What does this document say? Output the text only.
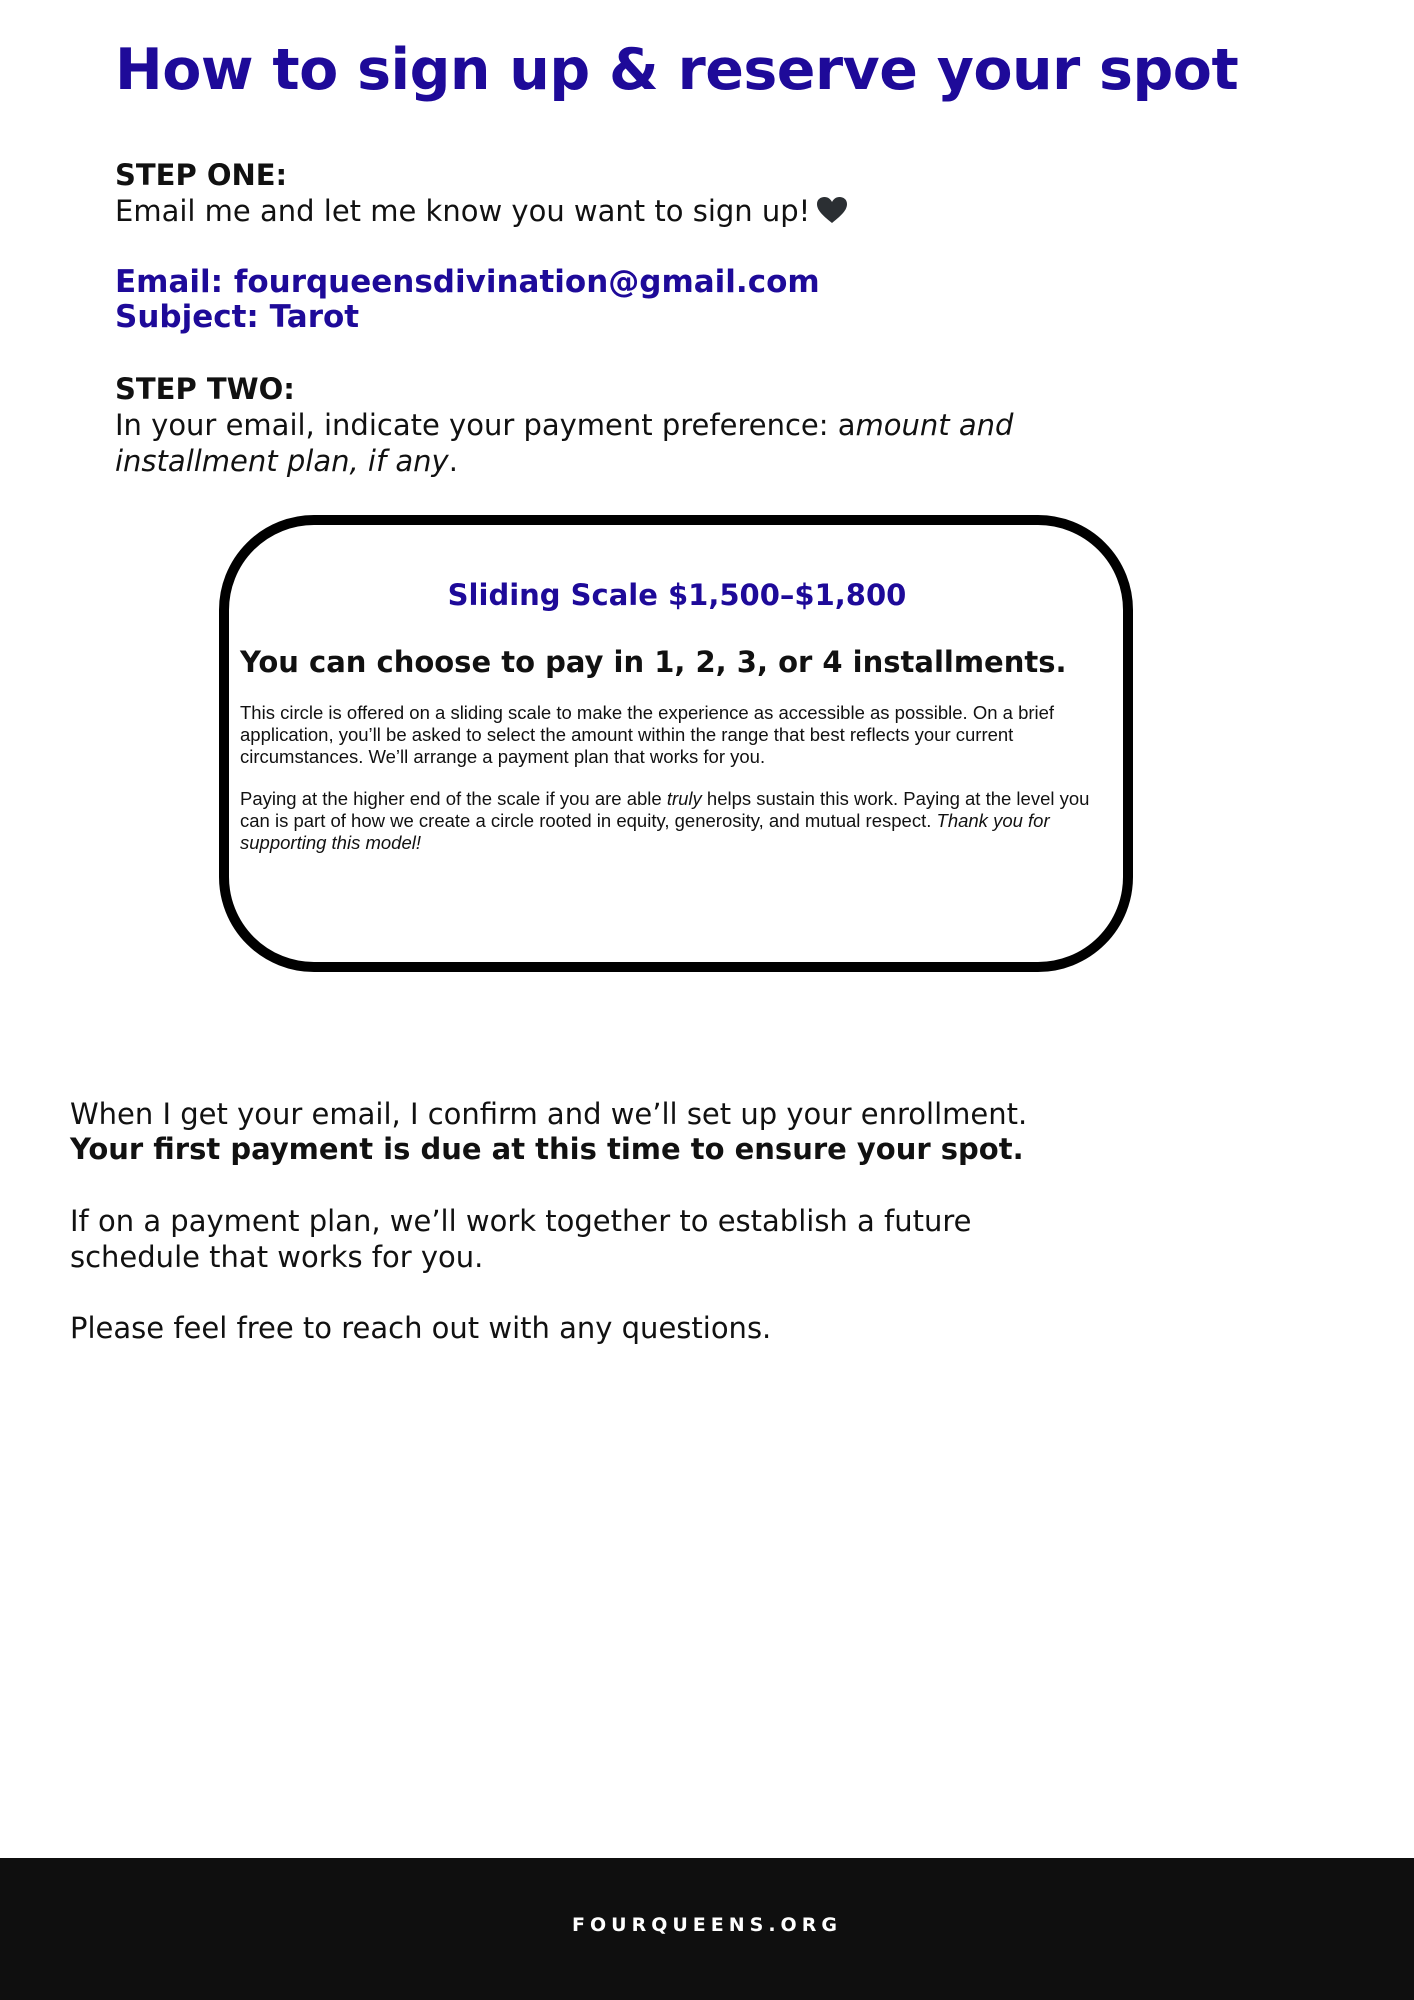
How to sign up & reserve your spot
STEP ONE:
Email me and let me know you want to sign up!
Email: fourqueensdivination@gmail.com
Subject: Tarot
STEP TWO:
In your email, indicate your payment preference: amount and
installment plan, if any.

Sliding Scale $1,500–$1,800

You can choose to pay in 1, 2, 3, or 4 installments.

This circle is offered on a sliding scale to make the experience as accessible as possible. On a brief application, you’ll be asked to select the amount within the range that best reflects your current circumstances. We’ll arrange a payment plan that works for you.

Paying at the higher end of the scale if you are able truly helps sustain this work. Paying at the level you can is part of how we create a circle rooted in equity, generosity, and mutual respect. Thank you for supporting this model!

When I get your email, I confirm and we’ll set up your enrollment.
Your first payment is due at this time to ensure your spot.
If on a payment plan, we’ll work together to establish a future
schedule that works for you.
Please feel free to reach out with any questions.
FOURQUEENS.ORG
